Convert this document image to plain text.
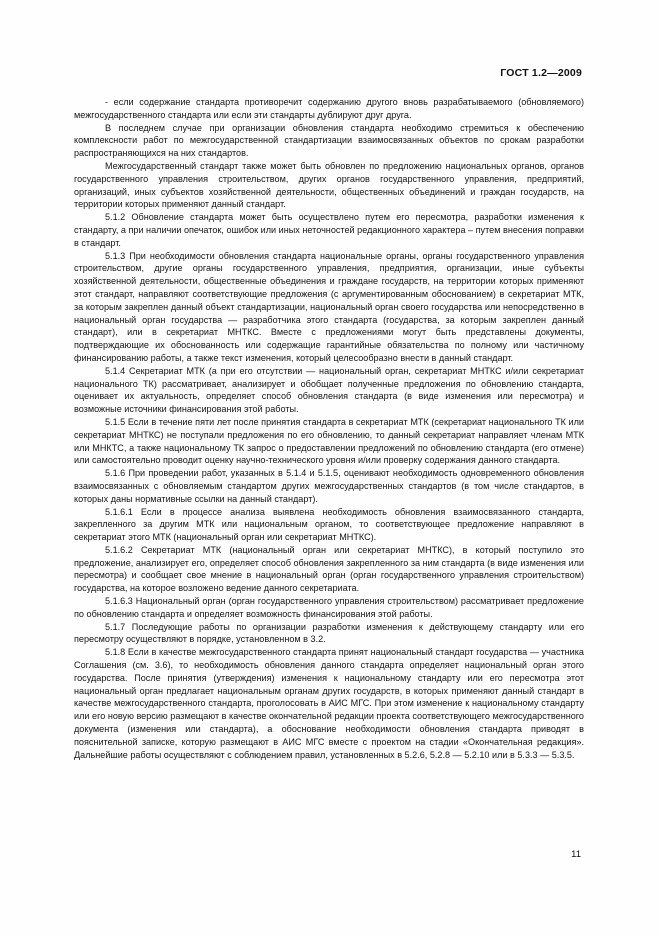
ГОСТ 1.2—2009

- если содержание стандарта противоречит содержанию другого вновь разрабатываемого (обновляемого) межгосударственного стандарта или если эти стандарты дублируют друг друга.

В последнем случае при организации обновления стандарта необходимо стремиться к обеспечению комплексности работ по межгосударственной стандартизации взаимосвязанных объектов по срокам разработки распространяющихся на них стандартов.

Межгосударственный стандарт также может быть обновлен по предложению национальных органов, органов государственного управления строительством, других органов государственного управления, предприятий, организаций, иных субъектов хозяйственной деятельности, общественных объединений и граждан государств, на территории которых применяют данный стандарт.

5.1.2 Обновление стандарта может быть осуществлено путем его пересмотра, разработки изменения к стандарту, а при наличии опечаток, ошибок или иных неточностей редакционного характера – путем внесения поправки в стандарт.

5.1.3 При необходимости обновления стандарта национальные органы, органы государственного управления строительством, другие органы государственного управления, предприятия, организации, иные субъекты хозяйственной деятельности, общественные объединения и граждане государств, на территории которых применяют этот стандарт, направляют соответствующие предложения (с аргументированным обоснованием) в секретариат МТК, за которым закреплен данный объект стандартизации, национальный орган своего государства или непосредственно в национальный орган государства — разработчика этого стандарта (государства, за которым закреплен данный стандарт), или в секретариат МНТКС. Вместе с предложениями могут быть представлены документы, подтверждающие их обоснованность или содержащие гарантийные обязательства по полному или частичному финансированию работы, а также текст изменения, который целесообразно внести в данный стандарт.

5.1.4 Секретариат МТК (а при его отсутствии — национальный орган, секретариат МНТКС и/или секретариат национального ТК) рассматривает, анализирует и обобщает полученные предложения по обновлению стандарта, оценивает их актуальность, определяет способ обновления стандарта (в виде изменения или пересмотра) и возможные источники финансирования этой работы.

5.1.5 Если в течение пяти лет после принятия стандарта в секретариат МТК (секретариат национального ТК или секретариат МНТКС) не поступали предложения по его обновлению, то данный секретариат направляет членам МТК или МНКТС, а также национальному ТК запрос о предоставлении предложений по обновлению стандарта (его отмене) или самостоятельно проводит оценку научно-технического уровня и/или проверку содержания данного стандарта.

5.1.6 При проведении работ, указанных в 5.1.4 и 5.1.5, оценивают необходимость одновременного обновления взаимосвязанных с обновляемым стандартом других межгосударственных стандартов (в том числе стандартов, в которых даны нормативные ссылки на данный стандарт).

5.1.6.1 Если в процессе анализа выявлена необходимость обновления взаимосвязанного стандарта, закрепленного за другим МТК или национальным органом, то соответствующее предложение направляют в секретариат этого МТК (национальный орган или секретариат МНТКС).

5.1.6.2 Секретариат МТК (национальный орган или секретариат МНТКС), в который поступило это предложение, анализирует его, определяет способ обновления закрепленного за ним стандарта (в виде изменения или пересмотра) и сообщает свое мнение в национальный орган (орган государственного управления строительством) государства, на которое возложено ведение данного секретариата.

5.1.6.3 Национальный орган (орган государственного управления строительством) рассматривает предложение по обновлению стандарта и определяет возможность финансирования этой работы.

5.1.7 Последующие работы по организации разработки изменения к действующему стандарту или его пересмотру осуществляют в порядке, установленном в 3.2.

5.1.8 Если в качестве межгосударственного стандарта принят национальный стандарт государства — участника Соглашения (см. 3.6), то необходимость обновления данного стандарта определяет национальный орган этого государства. После принятия (утверждения) изменения к национальному стандарту или его пересмотра этот национальный орган предлагает национальным органам других государств, в которых применяют данный стандарт в качестве межгосударственного стандарта, проголосовать в АИС МГС. При этом изменение к национальному стандарту или его новую версию размещают в качестве окончательной редакции проекта соответствующего межгосударственного документа (изменения или стандарта), а обоснование необходимости обновления стандарта приводят в пояснительной записке, которую размещают в АИС МГС вместе с проектом на стадии «Окончательная редакция». Дальнейшие работы осуществляют с соблюдением правил, установленных в 5.2.6, 5.2.8 — 5.2.10 или в 5.3.3 — 5.3.5.

11
